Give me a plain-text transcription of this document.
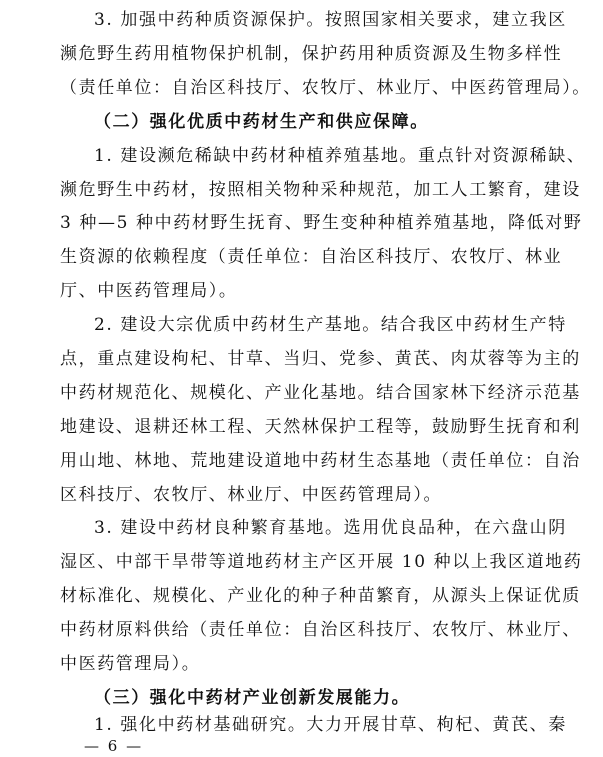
3. 加强中药种质资源保护。按照国家相关要求，建立我区
濒危野生药用植物保护机制，保护药用种质资源及生物多样性
（责任单位：自治区科技厅、农牧厅、林业厅、中医药管理局）。
（二）强化优质中药材生产和供应保障。
1. 建设濒危稀缺中药材种植养殖基地。重点针对资源稀缺、
濒危野生中药材，按照相关物种采种规范，加工人工繁育，建设
3 种—5 种中药材野生抚育、野生变种种植养殖基地，降低对野
生资源的依赖程度（责任单位：自治区科技厅、农牧厅、林业
厅、中医药管理局）。
2. 建设大宗优质中药材生产基地。结合我区中药材生产特
点，重点建设枸杞、甘草、当归、党参、黄芪、肉苁蓉等为主的
中药材规范化、规模化、产业化基地。结合国家林下经济示范基
地建设、退耕还林工程、天然林保护工程等，鼓励野生抚育和利
用山地、林地、荒地建设道地中药材生态基地（责任单位：自治
区科技厅、农牧厅、林业厅、中医药管理局）。
3. 建设中药材良种繁育基地。选用优良品种，在六盘山阴
湿区、中部干旱带等道地药材主产区开展 10 种以上我区道地药
材标准化、规模化、产业化的种子种苗繁育，从源头上保证优质
中药材原料供给（责任单位：自治区科技厅、农牧厅、林业厅、
中医药管理局）。
（三）强化中药材产业创新发展能力。
1. 强化中药材基础研究。大力开展甘草、枸杞、黄芪、秦
— 6 —
